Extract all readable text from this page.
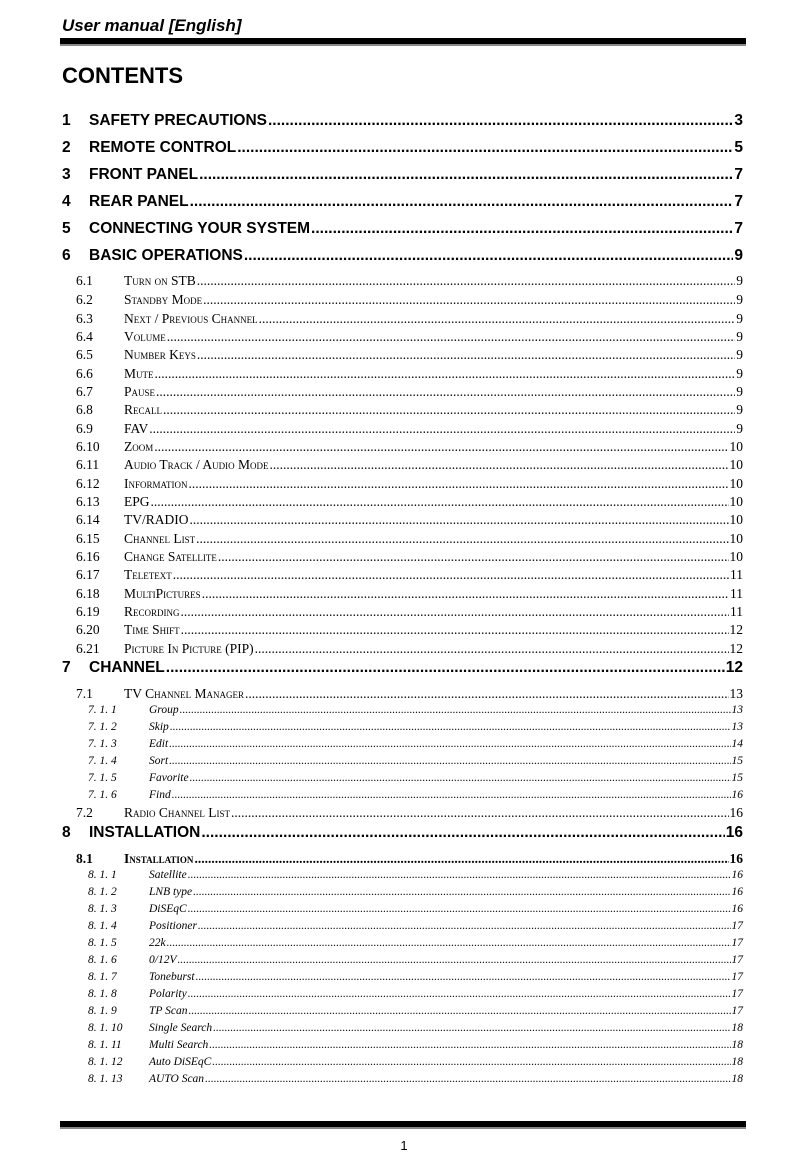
User manual [English]
CONTENTS
1	SAFETY PRECAUTIONS .....	3
2	REMOTE CONTROL .....	5
3	FRONT PANEL .....	7
4	REAR PANEL .....	7
5	CONNECTING YOUR SYSTEM .....	7
6	BASIC OPERATIONS .....	9
6.1	Turn on STB .....	9
6.2	Standby Mode .....	9
6.3	Next / Previous Channel .....	9
6.4	Volume .....	9
6.5	Number Keys .....	9
6.6	Mute .....	9
6.7	Pause .....	9
6.8	Recall .....	9
6.9	FAV .....	9
6.10	Zoom .....	10
6.11	Audio Track / Audio Mode .....	10
6.12	Information .....	10
6.13	EPG .....	10
6.14	TV/RADIO .....	10
6.15	Channel List .....	10
6.16	Change Satellite .....	10
6.17	Teletext .....	11
6.18	MultiPictures .....	11
6.19	Recording .....	11
6.20	Time Shift .....	12
6.21	Picture In Picture (PIP) .....	12
7	CHANNEL .....	12
7.1	TV Channel Manager .....	13
7. 1. 1	Group .....	13
7. 1. 2	Skip .....	13
7. 1. 3	Edit .....	14
7. 1. 4	Sort .....	15
7. 1. 5	Favorite .....	15
7. 1. 6	Find .....	16
7.2	Radio Channel List .....	16
8	INSTALLATION .....	16
8.1	Installation .....	16
8. 1. 1	Satellite .....	16
8. 1. 2	LNB type .....	16
8. 1. 3	DiSEqC .....	16
8. 1. 4	Positioner .....	17
8. 1. 5	22k .....	17
8. 1. 6	0/12V .....	17
8. 1. 7	Toneburst .....	17
8. 1. 8	Polarity .....	17
8. 1. 9	TP Scan .....	17
8. 1. 10	Single Search .....	18
8. 1. 11	Multi Search .....	18
8. 1. 12	Auto DiSEqC .....	18
8. 1. 13	AUTO Scan .....	18
1
